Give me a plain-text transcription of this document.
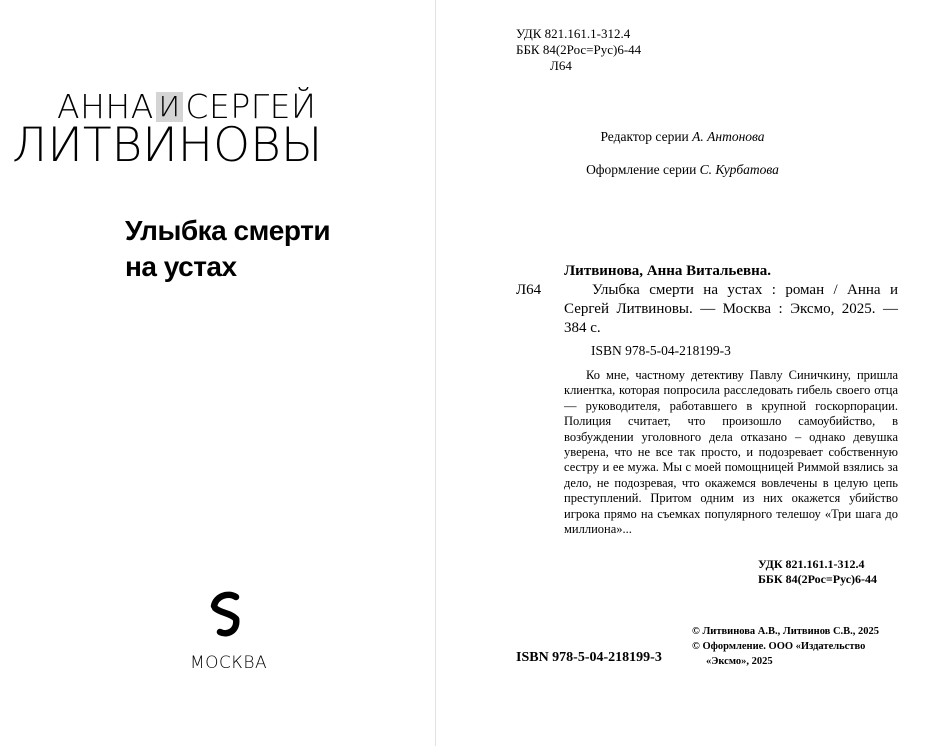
АННА И СЕРГЕЙ
ЛИТВИНОВЫ
Улыбка смерти
на устах
МОСКВА
УДК 821.161.1-312.4
ББК 84(2Рос=Рус)6-44
Л64
Редактор серии А. Антонова
Оформление серии С. Курбатова
Литвинова, Анна Витальевна.
Л64	Улыбка смерти на устах : роман / Анна и Сергей Литвиновы. — Москва : Эксмо, 2025. — 384 с.
ISBN 978-5-04-218199-3
Ко мне, частному детективу Павлу Синичкину, пришла клиентка, которая попросила расследовать гибель своего отца — руководителя, работавшего в крупной госкорпорации. Полиция считает, что произошло самоубийство, в возбуждении уголовного дела отказано – однако девушка уверена, что не все так просто, и подозревает собственную сестру и ее мужа. Мы с моей помощницей Риммой взялись за дело, не подозревая, что окажемся вовлечены в целую цепь преступлений. Притом одним из них окажется убийство игрока прямо на съемках популярного телешоу «Три шага до миллиона»...
УДК 821.161.1-312.4
ББК 84(2Рос=Рус)6-44
ISBN 978-5-04-218199-3
© Литвинова А.В., Литвинов С.В., 2025
© Оформление. ООО «Издательство
«Эксмо», 2025
